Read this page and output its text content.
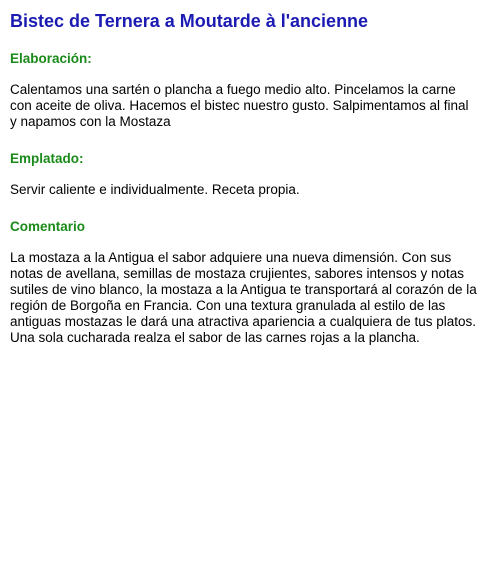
Bistec de Ternera a Moutarde à l'ancienne
Elaboración:

Calentamos una sartén o plancha a fuego medio alto. Pincelamos la carne con aceite de oliva. Hacemos el bistec nuestro gusto. Salpimentamos al final y napamos con la Mostaza

Emplatado:

Servir caliente e individualmente. Receta propia.

Comentario

La mostaza a la Antigua el sabor adquiere una nueva dimensión. Con sus notas de avellana, semillas de mostaza crujientes, sabores intensos y notas sutiles de vino blanco, la mostaza a la Antigua te transportará al corazón de la región de Borgoña en Francia. Con una textura granulada al estilo de las antiguas mostazas le dará una atractiva apariencia a cualquiera de tus platos. Una sola cucharada realza el sabor de las carnes rojas a la plancha.
